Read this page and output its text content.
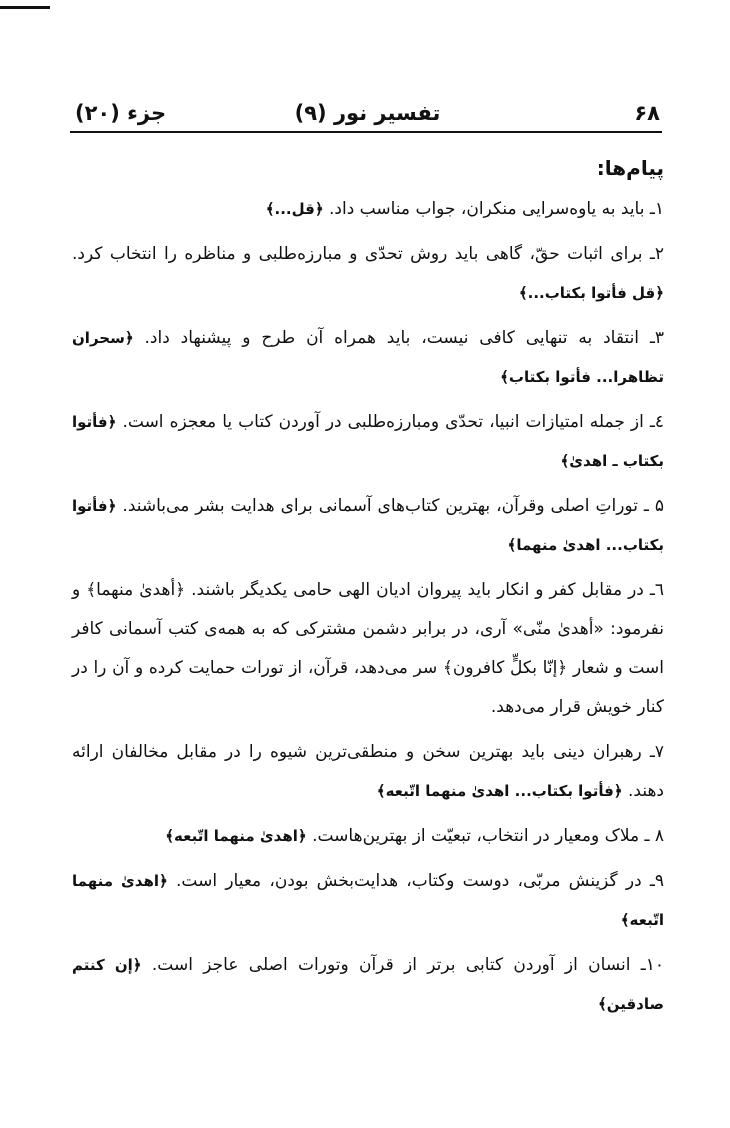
۶۸
تفسیر نور (۹)
جزء (۲۰)
پیام‌ها:

۱ـ باید به یاوه‌سرایی منکران، جواب مناسب داد. ﴿قل...﴾

۲ـ برای اثبات حقّ، گاهی باید روش تحدّی و مبارزه‌طلبی و مناظره را انتخاب کرد. ﴿قل فأتوا بکتاب...﴾

۳ـ انتقاد به تنهایی کافی نیست، باید همراه آن طرح و پیشنهاد داد. ﴿سحران تظاهرا... فأتوا بکتاب﴾

٤ـ از جمله امتیازات انبیا، تحدّی ومبارزه‌طلبی در آوردن کتاب یا معجزه است. ﴿فأتوا بکتاب ـ اهدیٰ﴾

۵ ـ توراتِ اصلی وقرآن، بهترین کتاب‌های آسمانی برای هدایت بشر می‌باشند. ﴿فأتوا بکتاب... اهدیٰ منهما﴾

٦ـ در مقابل کفر و انکار باید پیروان ادیان الهی حامی یکدیگر باشند. ﴿أهدیٰ منهما﴾ و نفرمود: «أهدیٰ منّی» آری، در برابر دشمن مشترکی که به همه‌ی کتب آسمانی کافر است و شعار ﴿إنّا بکلٍّ کافرون﴾ سر می‌دهد، قرآن، از تورات حمایت کرده و آن را در کنار خویش قرار می‌دهد.

۷ـ رهبران دینی باید بهترین سخن و منطقی‌ترین شیوه را در مقابل مخالفان ارائه دهند. ﴿فأتوا بکتاب... اهدیٰ منهما اتّبعه﴾

۸ ـ ملاک ومعیار در انتخاب، تبعیّت از بهترین‌هاست. ﴿اهدیٰ منهما اتّبعه﴾

۹ـ در گزینش مربّی، دوست وکتاب، هدایت‌بخش بودن، معیار است. ﴿اهدیٰ منهما اتّبعه﴾

۱۰ـ انسان از آوردن کتابی برتر از قرآن وتورات اصلی عاجز است. ﴿إن کنتم صادقین﴾
